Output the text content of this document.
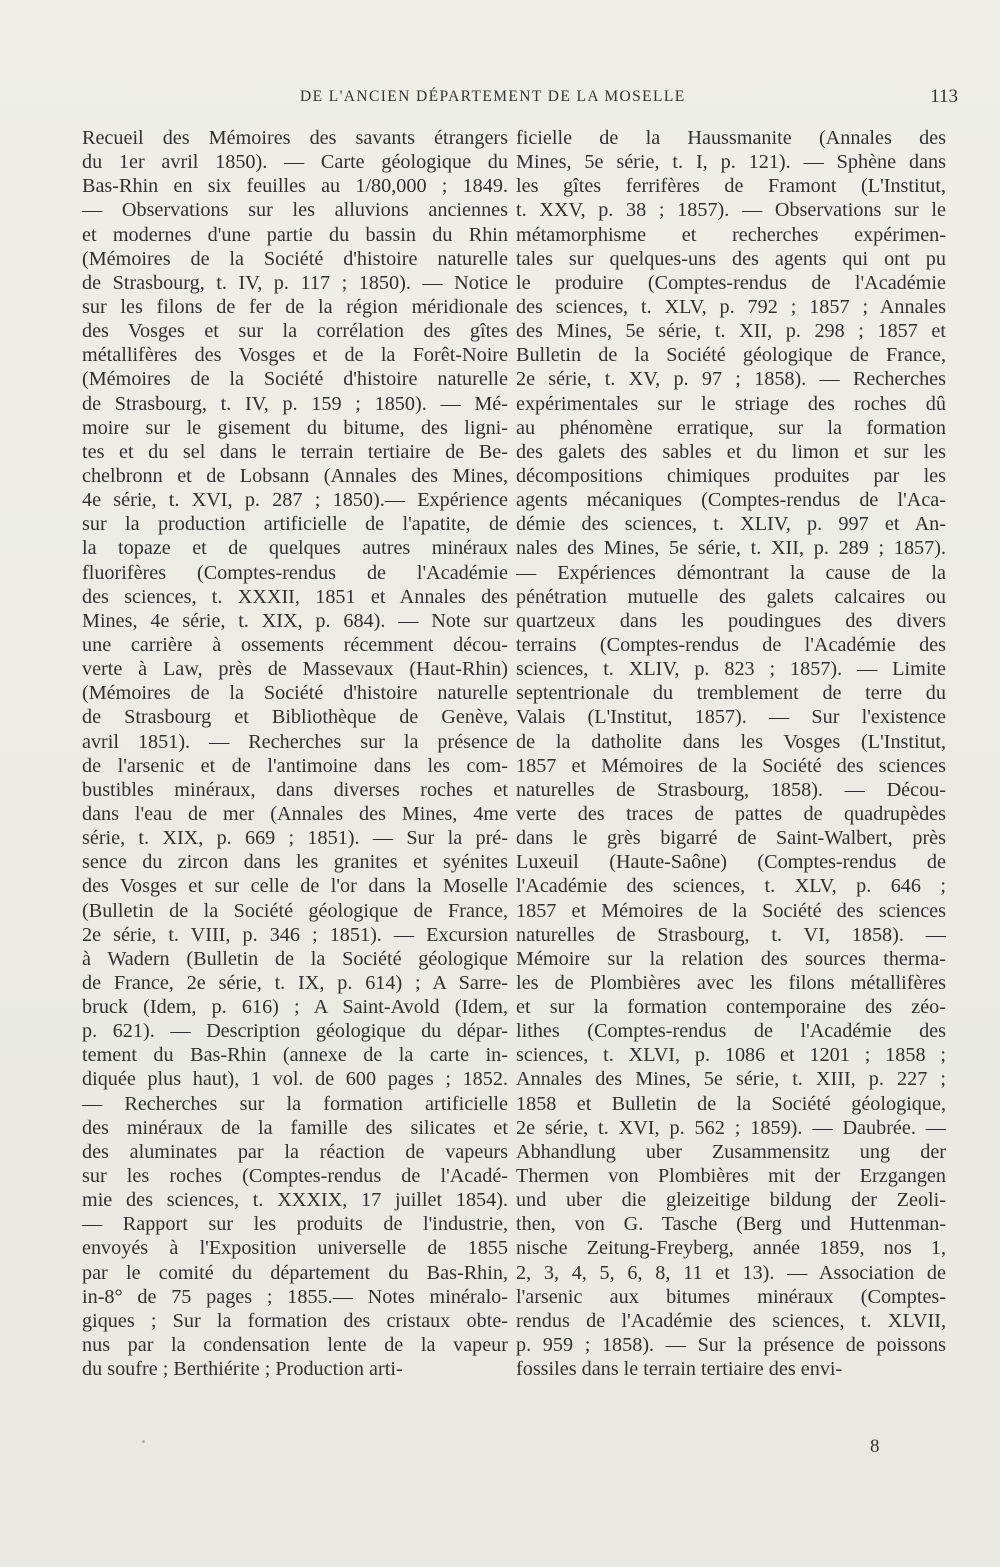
DE L'ANCIEN DÉPARTEMENT DE LA MOSELLE	113
Recueil des Mémoires des savants étrangers
du 1er avril 1850). — Carte géologique du
Bas-Rhin en six feuilles au 1/80,000 ; 1849.
— Observations sur les alluvions anciennes
et modernes d'une partie du bassin du Rhin
(Mémoires de la Société d'histoire naturelle
de Strasbourg, t. IV, p. 117 ; 1850). — Notice
sur les filons de fer de la région méridionale
des Vosges et sur la corrélation des gîtes
métallifères des Vosges et de la Forêt-Noire
(Mémoires de la Société d'histoire naturelle
de Strasbourg, t. IV, p. 159 ; 1850). — Mé-
moire sur le gisement du bitume, des ligni-
tes et du sel dans le terrain tertiaire de Be-
chelbronn et de Lobsann (Annales des Mines,
4e série, t. XVI, p. 287 ; 1850).— Expérience
sur la production artificielle de l'apatite, de
la topaze et de quelques autres minéraux
fluorifères (Comptes-rendus de l'Académie
des sciences, t. XXXII, 1851 et Annales des
Mines, 4e série, t. XIX, p. 684). — Note sur
une carrière à ossements récemment décou-
verte à Law, près de Massevaux (Haut-Rhin)
(Mémoires de la Société d'histoire naturelle
de Strasbourg et Bibliothèque de Genève,
avril 1851). — Recherches sur la présence
de l'arsenic et de l'antimoine dans les com-
bustibles minéraux, dans diverses roches et
dans l'eau de mer (Annales des Mines, 4me
série, t. XIX, p. 669 ; 1851). — Sur la pré-
sence du zircon dans les granites et syénites
des Vosges et sur celle de l'or dans la Moselle
(Bulletin de la Société géologique de France,
2e série, t. VIII, p. 346 ; 1851). — Excursion
à Wadern (Bulletin de la Société géologique
de France, 2e série, t. IX, p. 614) ; A Sarre-
bruck (Idem, p. 616) ; A Saint-Avold (Idem,
p. 621). — Description géologique du dépar-
tement du Bas-Rhin (annexe de la carte in-
diquée plus haut), 1 vol. de 600 pages ; 1852.
— Recherches sur la formation artificielle
des minéraux de la famille des silicates et
des aluminates par la réaction de vapeurs
sur les roches (Comptes-rendus de l'Acadé-
mie des sciences, t. XXXIX, 17 juillet 1854).
— Rapport sur les produits de l'industrie,
envoyés à l'Exposition universelle de 1855
par le comité du département du Bas-Rhin,
in-8° de 75 pages ; 1855.— Notes minéralo-
giques ; Sur la formation des cristaux obte-
nus par la condensation lente de la vapeur
du soufre ; Berthiérite ; Production arti-
ficielle de la Haussmanite (Annales des
Mines, 5e série, t. I, p. 121). — Sphène dans
les gîtes ferrifères de Framont (L'Institut,
t. XXV, p. 38 ; 1857). — Observations sur le
métamorphisme et recherches expérimen-
tales sur quelques-uns des agents qui ont pu
le produire (Comptes-rendus de l'Académie
des sciences, t. XLV, p. 792 ; 1857 ; Annales
des Mines, 5e série, t. XII, p. 298 ; 1857 et
Bulletin de la Société géologique de France,
2e série, t. XV, p. 97 ; 1858). — Recherches
expérimentales sur le striage des roches dû
au phénomène erratique, sur la formation
des galets des sables et du limon et sur les
décompositions chimiques produites par les
agents mécaniques (Comptes-rendus de l'Aca-
démie des sciences, t. XLIV, p. 997 et An-
nales des Mines, 5e série, t. XII, p. 289 ; 1857).
— Expériences démontrant la cause de la
pénétration mutuelle des galets calcaires ou
quartzeux dans les poudingues des divers
terrains (Comptes-rendus de l'Académie des
sciences, t. XLIV, p. 823 ; 1857). — Limite
septentrionale du tremblement de terre du
Valais (L'Institut, 1857). — Sur l'existence
de la datholite dans les Vosges (L'Institut,
1857 et Mémoires de la Société des sciences
naturelles de Strasbourg, 1858). — Décou-
verte des traces de pattes de quadrupèdes
dans le grès bigarré de Saint-Walbert, près
Luxeuil (Haute-Saône) (Comptes-rendus de
l'Académie des sciences, t. XLV, p. 646 ;
1857 et Mémoires de la Société des sciences
naturelles de Strasbourg, t. VI, 1858). —
Mémoire sur la relation des sources therma-
les de Plombières avec les filons métallifères
et sur la formation contemporaine des zéo-
lithes (Comptes-rendus de l'Académie des
sciences, t. XLVI, p. 1086 et 1201 ; 1858 ;
Annales des Mines, 5e série, t. XIII, p. 227 ;
1858 et Bulletin de la Société géologique,
2e série, t. XVI, p. 562 ; 1859). — Daubrée. —
Abhandlung uber Zusammensitz ung der
Thermen von Plombières mit der Erzgangen
und uber die gleizeitige bildung der Zeoli-
then, von G. Tasche (Berg und Huttenman-
nische Zeitung-Freyberg, année 1859, nos 1,
2, 3, 4, 5, 6, 8, 11 et 13). — Association de
l'arsenic aux bitumes minéraux (Comptes-
rendus de l'Académie des sciences, t. XLVII,
p. 959 ; 1858). — Sur la présence de poissons
fossiles dans le terrain tertiaire des envi-
8
